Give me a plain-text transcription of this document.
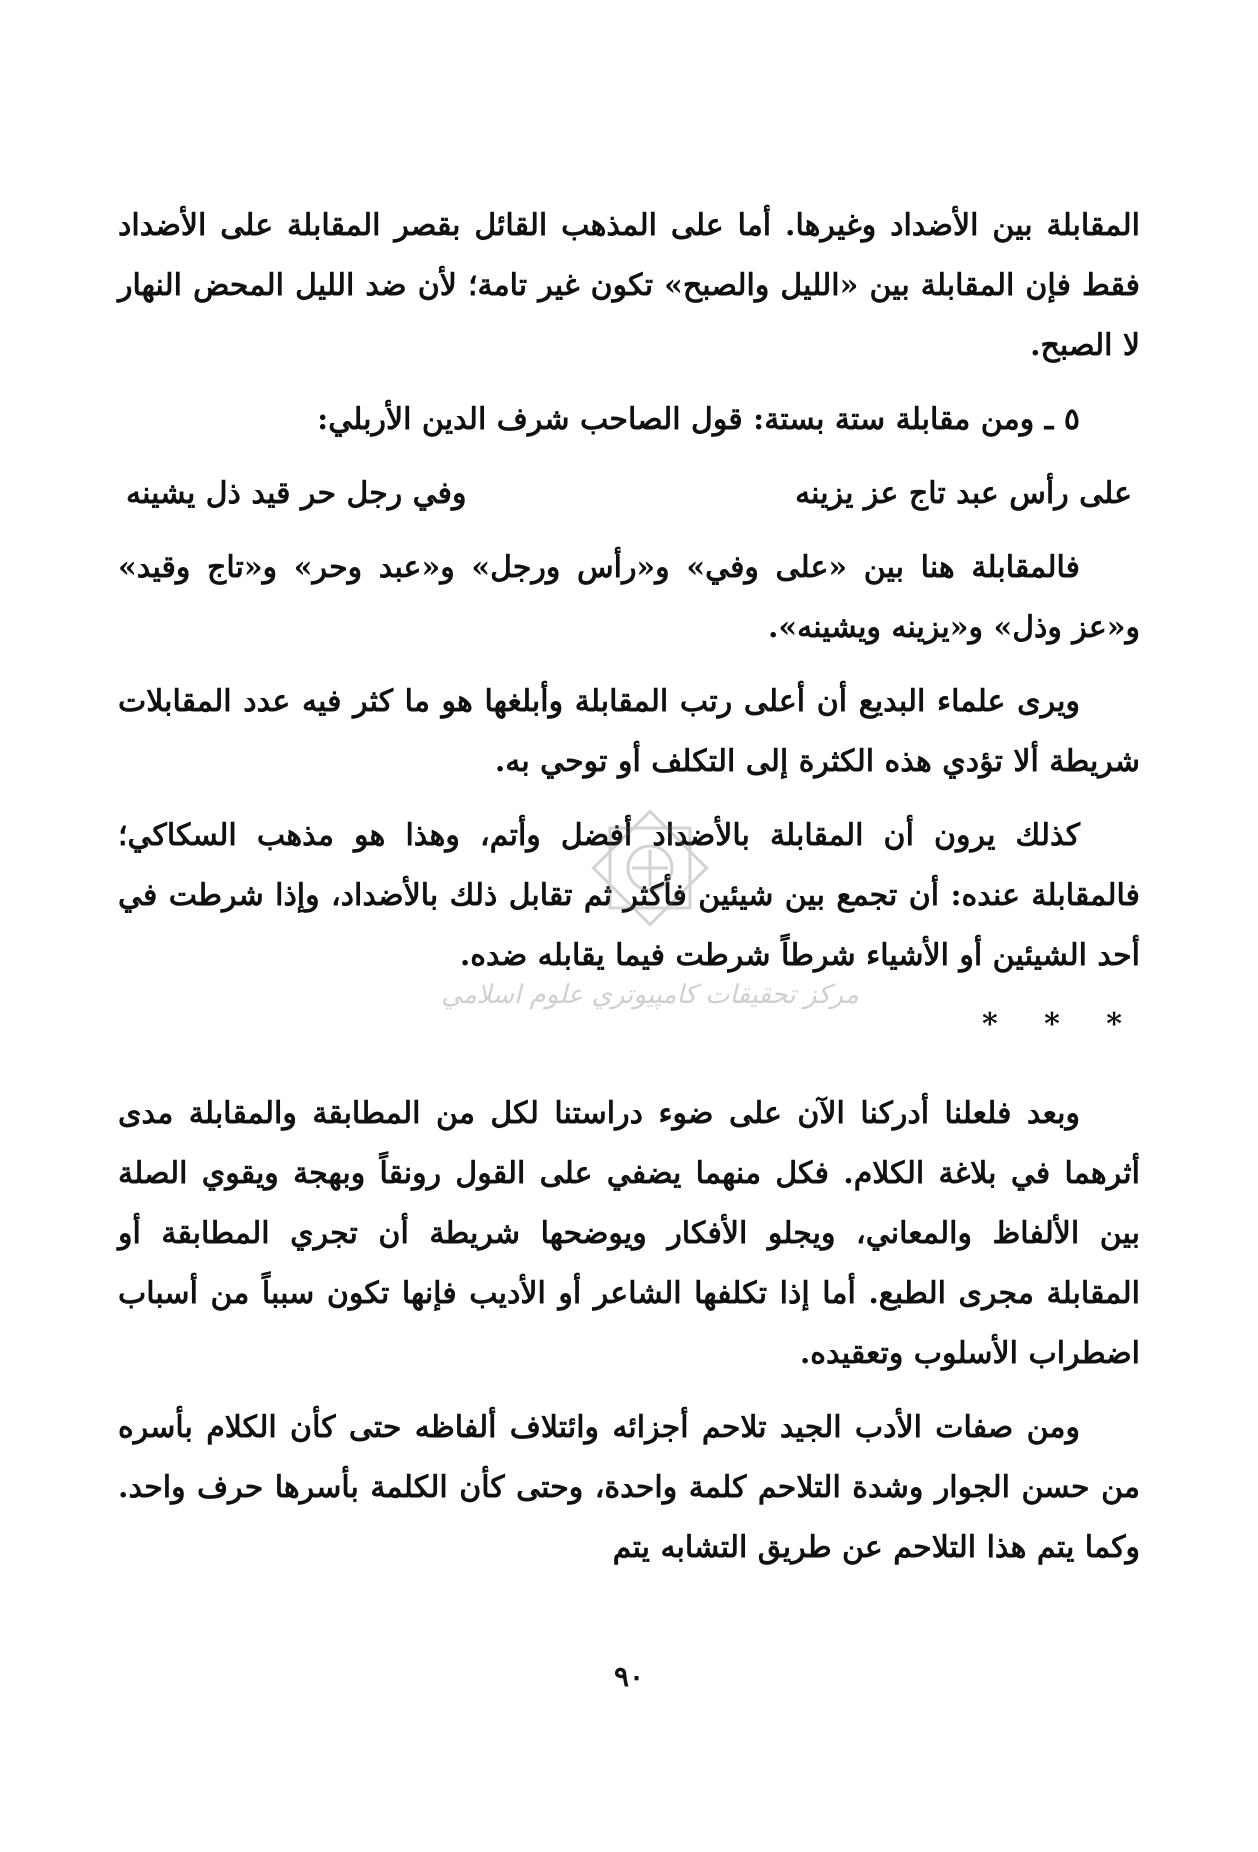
المقابلة بين الأضداد وغيرها. أما على المذهب القائل بقصر المقابلة على الأضداد فقط فإن المقابلة بين «الليل والصبح» تكون غير تامة؛ لأن ضد الليل المحض النهار لا الصبح.

٥ ـ ومن مقابلة ستة بستة: قول الصاحب شرف الدين الأربلي:

على رأس عبد تاج عز يزينه
وفي رجل حر قيد ذل يشينه

فالمقابلة هنا بين «على وفي» و«رأس ورجل» و«عبد وحر» و«تاج وقيد» و«عز وذل» و«يزينه ويشينه».

ويرى علماء البديع أن أعلى رتب المقابلة وأبلغها هو ما كثر فيه عدد المقابلات شريطة ألا تؤدي هذه الكثرة إلى التكلف أو توحي به.

كذلك يرون أن المقابلة بالأضداد أفضل وأتم، وهذا هو مذهب السكاكي؛ فالمقابلة عنده: أن تجمع بين شيئين فأكثر ثم تقابل ذلك بالأضداد، وإذا شرطت في أحد الشيئين أو الأشياء شرطاً شرطت فيما يقابله ضده.

* * *

وبعد فلعلنا أدركنا الآن على ضوء دراستنا لكل من المطابقة والمقابلة مدى أثرهما في بلاغة الكلام. فكل منهما يضفي على القول رونقاً وبهجة ويقوي الصلة بين الألفاظ والمعاني، ويجلو الأفكار ويوضحها شريطة أن تجري المطابقة أو المقابلة مجرى الطبع. أما إذا تكلفها الشاعر أو الأديب فإنها تكون سبباً من أسباب اضطراب الأسلوب وتعقيده.

ومن صفات الأدب الجيد تلاحم أجزائه وائتلاف ألفاظه حتى كأن الكلام بأسره من حسن الجوار وشدة التلاحم كلمة واحدة، وحتى كأن الكلمة بأسرها حرف واحد. وكما يتم هذا التلاحم عن طريق التشابه يتم

مركز تحقيقات كامپيوتري علوم اسلامي
٩٠
